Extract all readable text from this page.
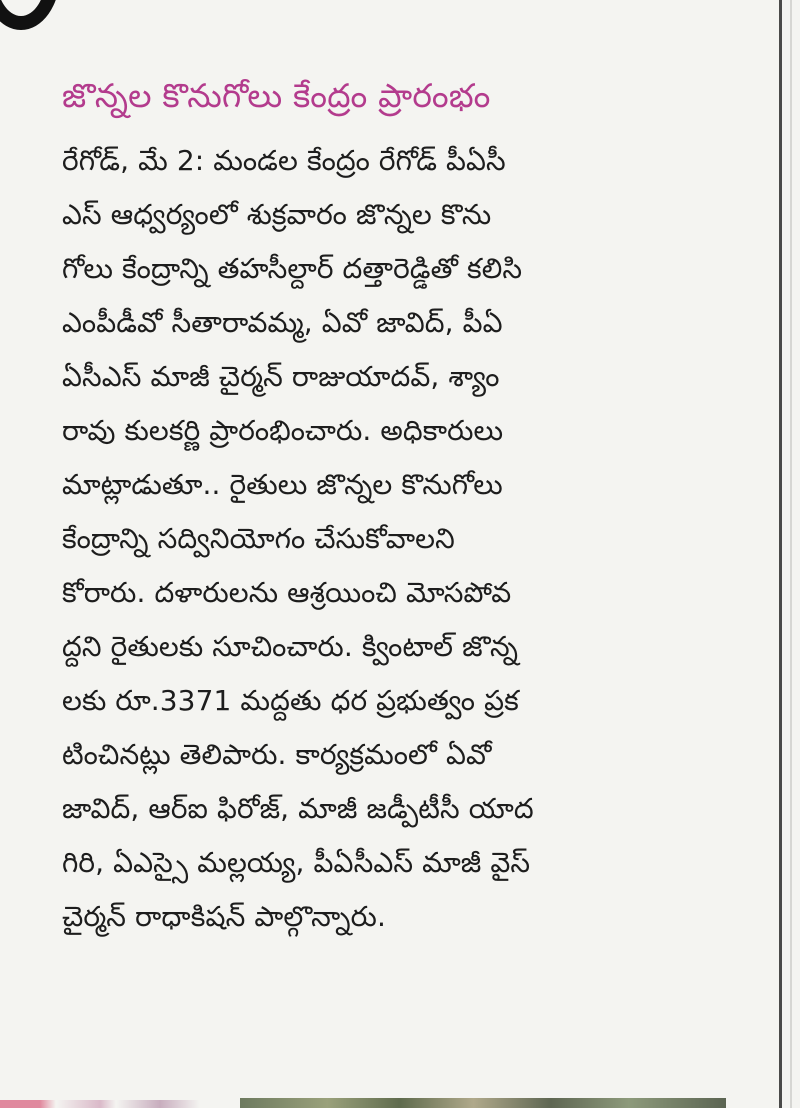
జొన్నల కొనుగోలు కేంద్రం ప్రారంభం
రేగోడ్, మే 2: మండల కేంద్రం రేగోడ్ పీఏసీ
ఎస్ ఆధ్వర్యంలో శుక్రవారం జొన్నల కొను
గోలు కేంద్రాన్ని తహసీల్దార్ దత్తారెడ్డితో కలిసి
ఎంపీడీవో సీతారావమ్మ, ఏవో జావిద్, పీఏ
ఏసీఎస్ మాజీ చైర్మన్ రాజుయాదవ్, శ్యాం
రావు కులకర్ణి ప్రారంభించారు. అధికారులు
మాట్లాడుతూ.. రైతులు జొన్నల కొనుగోలు
కేంద్రాన్ని సద్వినియోగం చేసుకోవాలని
కోరారు. దళారులను ఆశ్రయించి మోసపోవ
ద్దని రైతులకు సూచించారు. క్వింటాల్ జొన్న
లకు రూ.3371 మద్దతు ధర ప్రభుత్వం ప్రక
టించినట్లు తెలిపారు. కార్యక్రమంలో ఏవో
జావిద్, ఆర్ఐ ఫిరోజ్, మాజీ జడ్పీటీసీ యాద
గిరి, ఏఎస్సై మల్లయ్య, పీఏసీఎస్ మాజీ వైస్
చైర్మన్ రాధాకిషన్ పాల్గొన్నారు.
